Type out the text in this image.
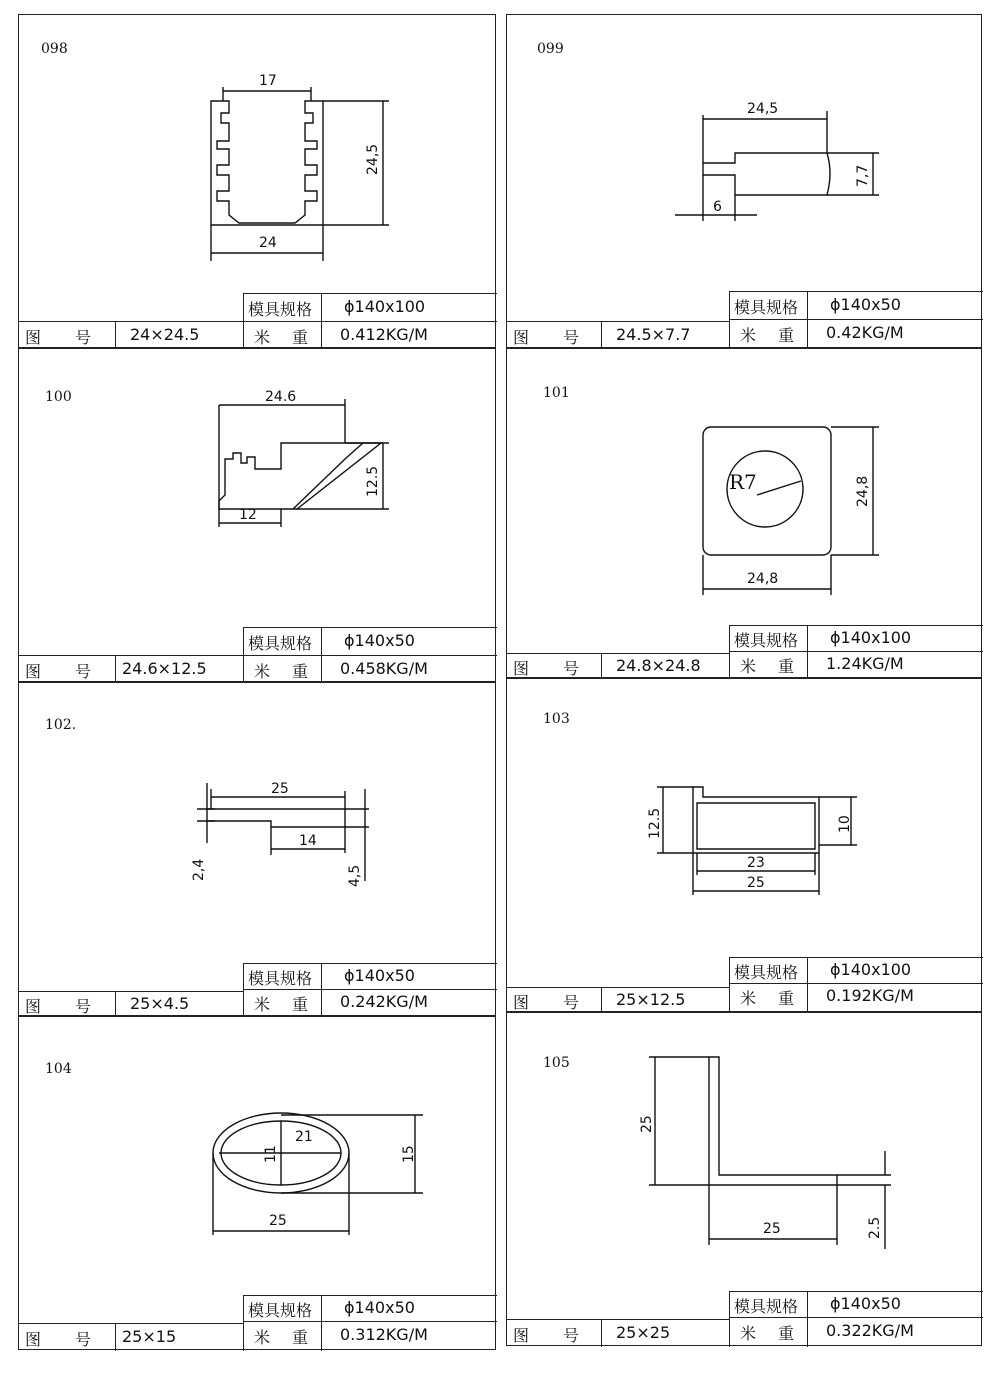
098
17
24,5
24
模具规格	ϕ140x100
图 号	24×24.5	米 重	0.412KG/M
099
24,5
7,7
6
模具规格	ϕ140x50
图 号	24.5×7.7	米 重	0.42KG/M
100	24.6
12.5
12
模具规格	ϕ140x50
图 号	24.6×12.5	米 重	0.458KG/M
101
R7	24,8
24,8
模具规格	ϕ140x100
图 号	24.8×24.8	米 重	1.24KG/M
102.
25
14
2,4	4,5
模具规格	ϕ140x50
图 号	25×4.5	米 重	0.242KG/M
103
12.5	10
23
25
模具规格	ϕ140x100
图 号	25×12.5	米 重	0.192KG/M
104
21
11	15
25
模具规格	ϕ140x50
图 号	25×15	米 重	0.312KG/M
105
25
2.5
25
模具规格	ϕ140x50
图 号	25×25	米 重	0.322KG/M
